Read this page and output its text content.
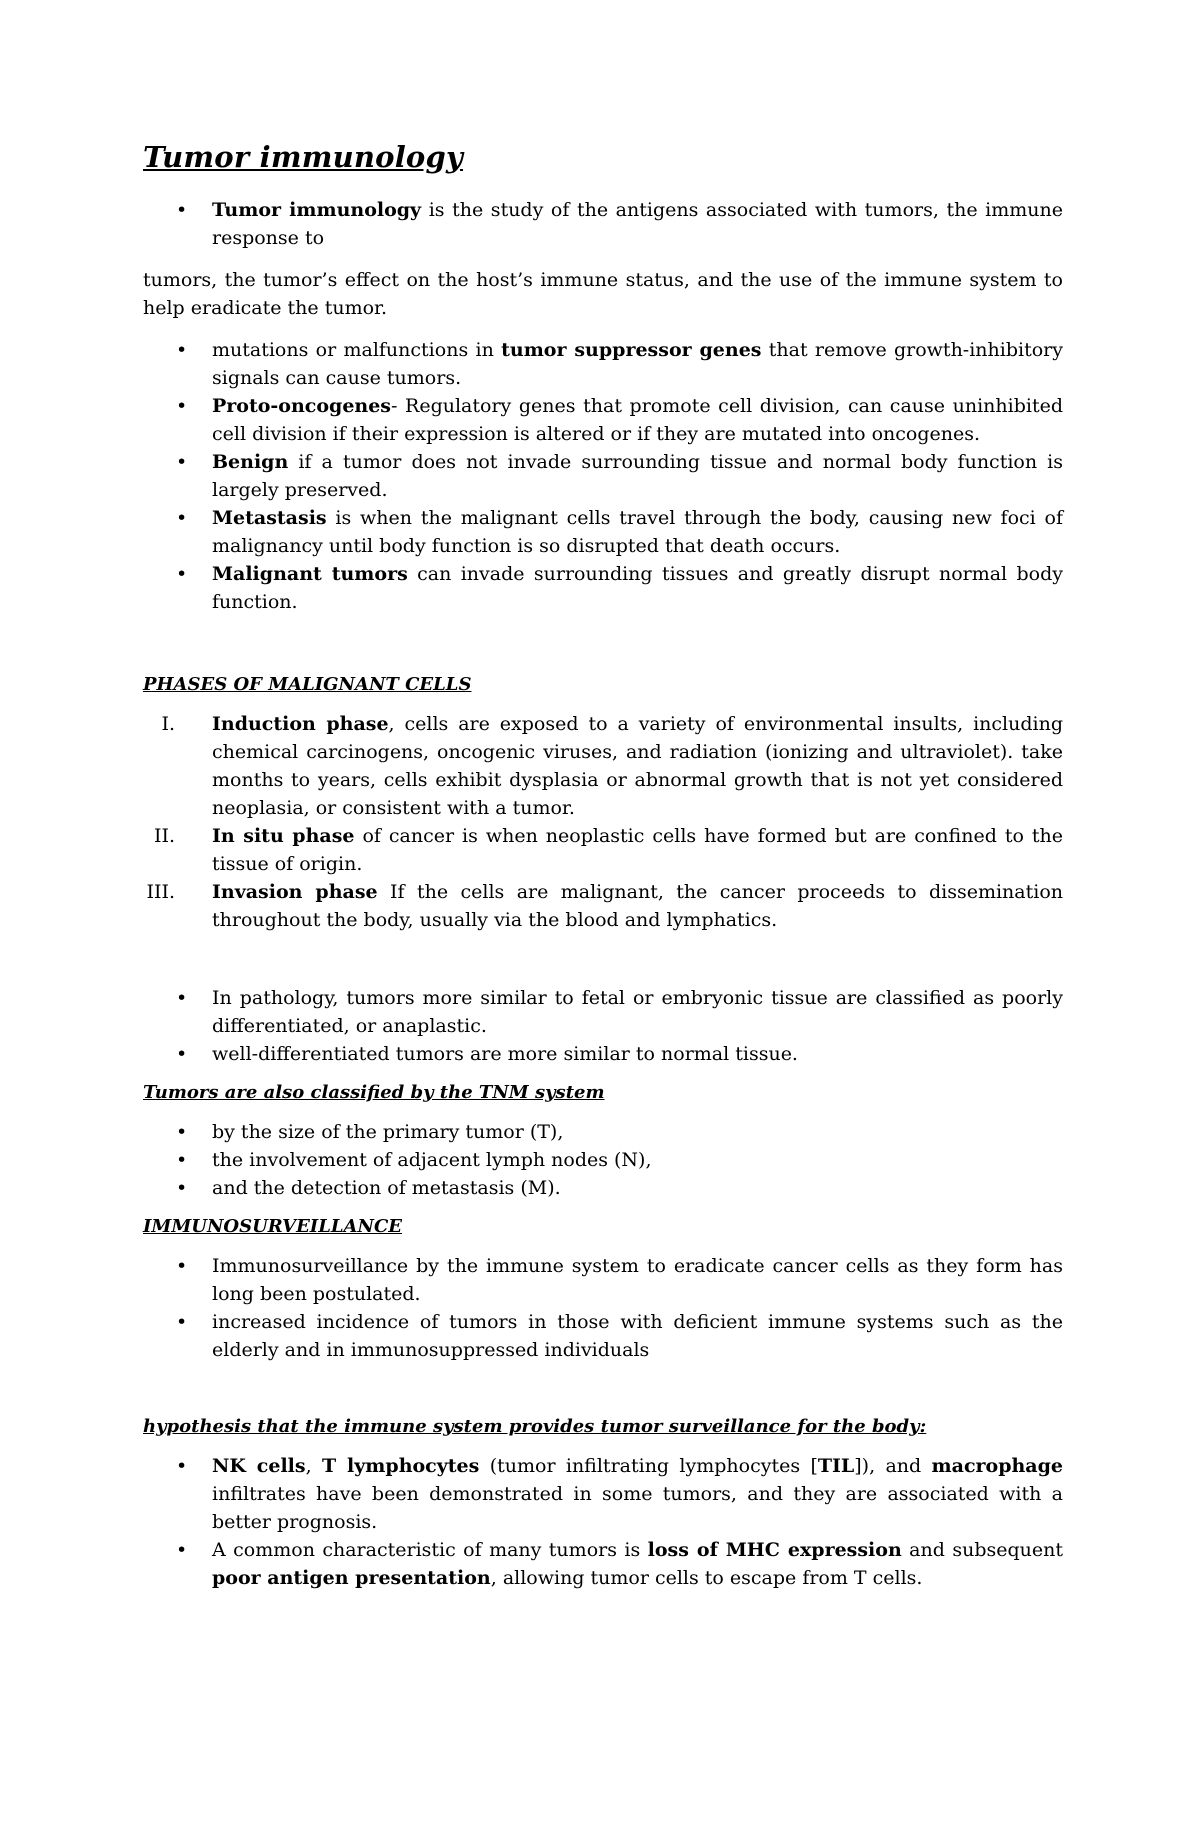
Tumor immunology
• Tumor immunology is the study of the antigens associated with tumors, the immune response to
tumors, the tumor’s effect on the host’s immune status, and the use of the immune system to help eradicate the tumor.
• mutations or malfunctions in tumor suppressor genes that remove growth-inhibitory signals can cause tumors.
• Proto-oncogenes- Regulatory genes that promote cell division, can cause uninhibited cell division if their expression is altered or if they are mutated into oncogenes.
• Benign if a tumor does not invade surrounding tissue and normal body function is largely preserved.
• Metastasis is when the malignant cells travel through the body, causing new foci of malignancy until body function is so disrupted that death occurs.
• Malignant tumors can invade surrounding tissues and greatly disrupt normal body function.
PHASES OF MALIGNANT CELLS
I. Induction phase, cells are exposed to a variety of environmental insults, including chemical carcinogens, oncogenic viruses, and radiation (ionizing and ultraviolet). take months to years, cells exhibit dysplasia or abnormal growth that is not yet considered neoplasia, or consistent with a tumor.
II. In situ phase of cancer is when neoplastic cells have formed but are confined to the tissue of origin.
III. Invasion phase If the cells are malignant, the cancer proceeds to dissemination throughout the body, usually via the blood and lymphatics.
• In pathology, tumors more similar to fetal or embryonic tissue are classified as poorly differentiated, or anaplastic.
• well-differentiated tumors are more similar to normal tissue.
Tumors are also classified by the TNM system
• by the size of the primary tumor (T),
• the involvement of adjacent lymph nodes (N),
• and the detection of metastasis (M).
IMMUNOSURVEILLANCE
• Immunosurveillance by the immune system to eradicate cancer cells as they form has long been postulated.
• increased incidence of tumors in those with deficient immune systems such as the elderly and in immunosuppressed individuals
hypothesis that the immune system provides tumor surveillance for the body:
• NK cells, T lymphocytes (tumor infiltrating lymphocytes [TIL]), and macrophage infiltrates have been demonstrated in some tumors, and they are associated with a better prognosis.
• A common characteristic of many tumors is loss of MHC expression and subsequent poor antigen presentation, allowing tumor cells to escape from T cells.
